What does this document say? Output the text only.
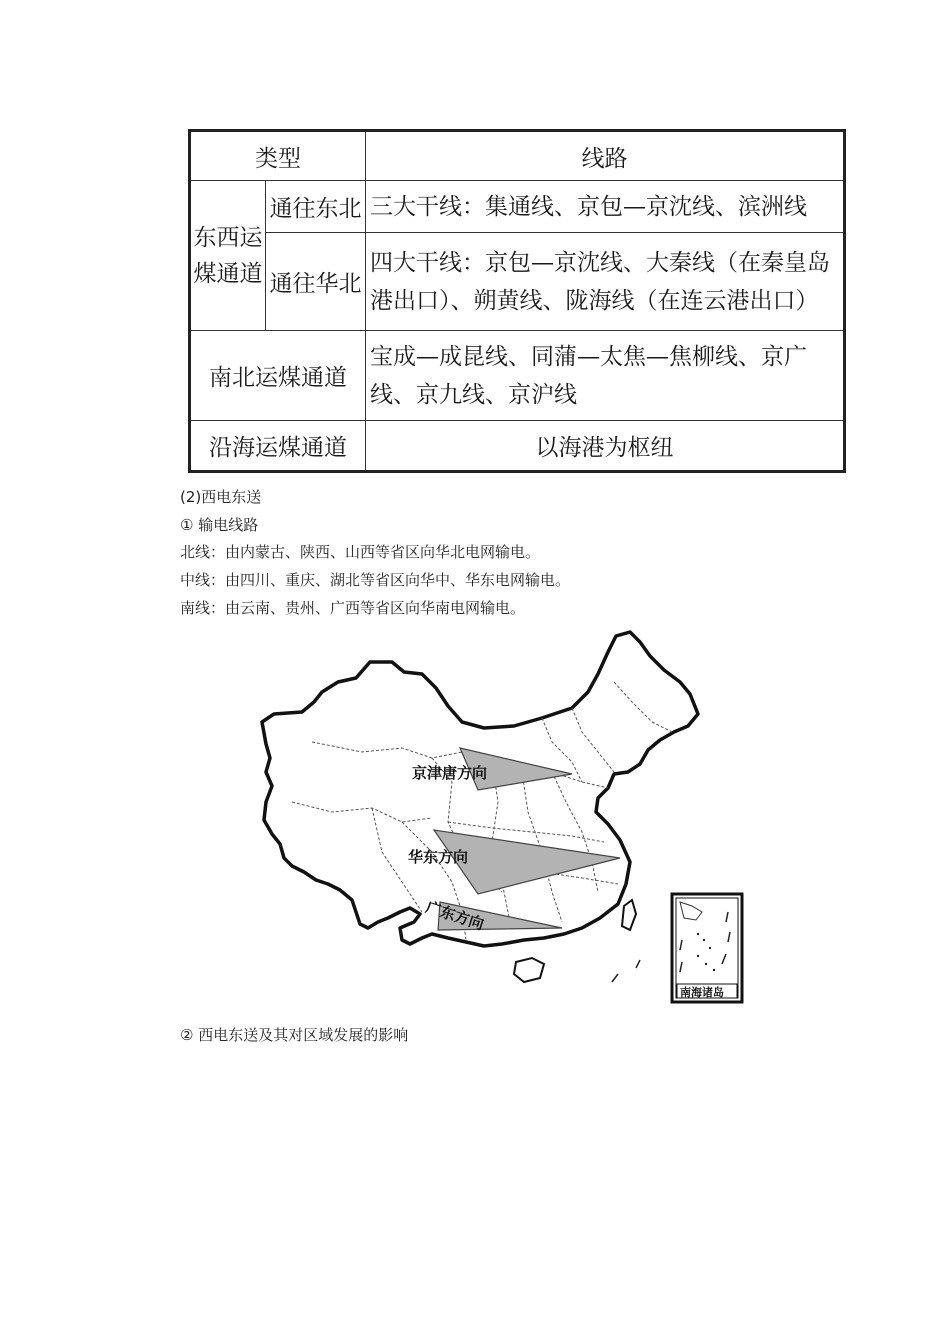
类型		线路
东西运煤通道	通往东北	三大干线：集通线、京包—京沈线、滨洲线
	通往华北	四大干线：京包—京沈线、大秦线（在秦皇岛港出口）、朔黄线、陇海线（在连云港出口）
南北运煤通道		宝成—成昆线、同蒲—太焦—焦柳线、京广线、京九线、京沪线
沿海运煤通道		以海港为枢纽
(2)西电东送
① 输电线路
北线：由内蒙古、陕西、山西等省区向华北电网输电。
中线：由四川、重庆、湖北等省区向华中、华东电网输电。
南线：由云南、贵州、广西等省区向华南电网输电。
京津唐方向
华东方向
广东方向
南海诸岛
② 西电东送及其对区域发展的影响
